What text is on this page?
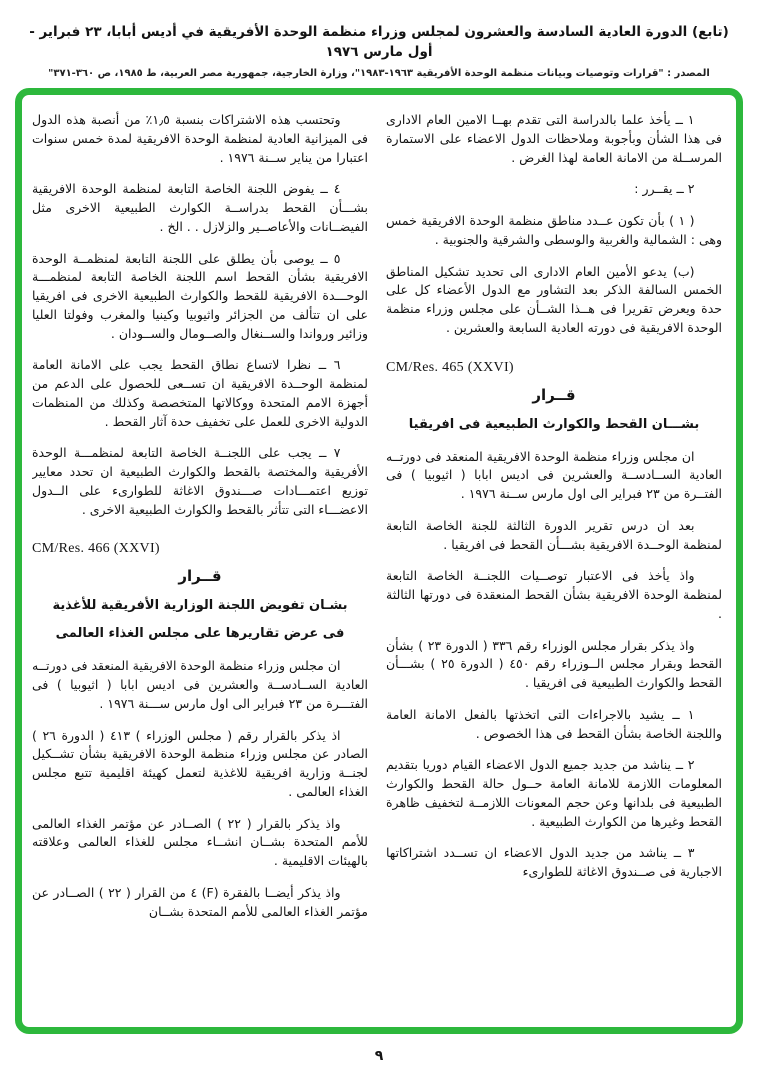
(تابع) الدورة العادية السادسة والعشرون لمجلس وزراء منظمة الوحدة الأفريقية في أديس أبابا، ٢٣ فبراير - أول مارس ١٩٧٦
المصدر : "قرارات وتوصيات وبيانات منظمة الوحدة الأفريقية ١٩٦٣-١٩٨٣"، وزارة الخارجية، جمهورية مصر العربية، ط ١٩٨٥، ص ٣٦٠-٣٧١"

١ ــ يأخذ علما بالدراسة التى تقدم بهــا الامين العام الادارى فى هذا الشأن وبأجوبة وملاحظات الدول الاعضاء على الاستمارة المرســلة من الامانة العامة لهذا الغرض .

٢ ــ يقــرر :

( ١ ) بأن تكون عــدد مناطق منظمة الوحدة الافريقية خمس وهى : الشمالية والغربية والوسطى والشرقية والجنوبية .

(ب) يدعو الأمين العام الادارى الى تحديد تشكيل المناطق الخمس السالفة الذكر بعد التشاور مع الدول الأعضاء كل على حدة ويعرض تقريرا فى هــذا الشــأن على مجلس وزراء منظمة الوحدة الافريقية فى دورته العادية السابعة والعشرين .

CM/Res. 465 (XXVI)
قــرار
بشـــان القحط والكوارث الطبيعية فى افريقيا

ان مجلس وزراء منظمة الوحدة الافريقية المنعقد فى دورتــه العادية الســادســة والعشرين فى اديس ابابا ( اثيوبيا ) فى الفتــرة من ٢٣ فبراير الى اول مارس ســنة ١٩٧٦ .

بعد ان درس تقرير الدورة الثالثة للجنة الخاصة التابعة لمنظمة الوحــدة الافريقية بشـــأن القحط فى افريقيا .

واذ يأخذ فى الاعتبار توصــيات اللجنــة الخاصة التابعة لمنظمة الوحدة الافريقية بشأن القحط المنعقدة فى دورتها الثالثة .

واذ يذكر بقرار مجلس الوزراء رقم ٣٣٦ ( الدورة ٢٣ ) بشأن القحط وبقرار مجلس الــوزراء رقم ٤٥٠ ( الدورة ٢٥ ) بشـــأن القحط والكوارث الطبيعية فى افريقيا .

١ ــ يشيد بالاجراءات التى اتخذتها بالفعل الامانة العامة واللجنة الخاصة بشأن القحط فى هذا الخصوص .

٢ ــ يناشد من جديد جميع الدول الاعضاء القيام دوريا بتقديم المعلومات اللازمة للامانة العامة حــول حالة القحط والكوارث الطبيعية فى بلدانها وعن حجم المعونات اللازمــة لتخفيف ظاهرة القحط وغيرها من الكوارث الطبيعية .

٣ ــ يناشد من جديد الدول الاعضاء ان تســدد اشتراكاتها الاجبارية فى صــندوق الاغاثة للطوارىء

وتحتسب هذه الاشتراكات بنسبة ١٫٥٪ من أنصبة هذه الدول فى الميزانية العادية لمنظمة الوحدة الافريقية لمدة خمس سنوات اعتبارا من يناير ســنة ١٩٧٦ .

٤ ــ يفوض اللجنة الخاصة التابعة لمنظمة الوحدة الافريقية بشـــأن القحط بدراســة الكوارث الطبيعية الاخرى مثل الفيضــانات والأعاصــير والزلازل . . الخ .

٥ ــ يوصى بأن يطلق على اللجنة التابعة لمنظمــة الوحدة الافريقية بشأن القحط اسم اللجنة الخاصة التابعة لمنظمـــة الوحـــدة الافريقية للقحط والكوارث الطبيعية الاخرى فى افريقيا على ان تتألف من الجزائر واثيوبيا وكينيا والمغرب وفولتا العليا وزائير ورواندا والســنغال والصــومال والســودان .

٦ ــ نظرا لاتساع نطاق القحط يجب على الامانة العامة لمنظمة الوحــدة الافريقية ان تســعى للحصول على الدعم من أجهزة الامم المتحدة ووكالاتها المتخصصة وكذلك من المنظمات الدولية الاخرى للعمل على تخفيف حدة آثار القحط .

٧ ــ يجب على اللجنــة الخاصة التابعة لمنظمـــة الوحدة الأفريقية والمختصة بالقحط والكوارث الطبيعية ان تحدد معايير توزيع اعتمـــادات صـــندوق الاغاثة للطوارىء على الــدول الاعضـــاء التى تتأثر بالقحط والكوارث الطبيعية الاخرى .

CM/Res. 466 (XXVI)
قــرار
بشـان تفويض اللجنة الوزارية الأفريقية للأغذية
فى عرض تقاريرها على مجلس الغذاء العالمى

ان مجلس وزراء منظمة الوحدة الافريقية المنعقد فى دورتــه العادية الســادســة والعشرين فى اديس ابابا ( اثيوبيا ) فى الفتـــرة من ٢٣ فبراير الى اول مارس ســـنة ١٩٧٦ .

اذ يذكر بالقرار رقم ( مجلس الوزراء ) ٤١٣ ( الدورة ٢٦ ) الصادر عن مجلس وزراء منظمة الوحدة الافريقية بشأن تشــكيل لجنــة وزارية افريقية للاغذية لتعمل كهيئة اقليمية تتبع مجلس الغذاء العالمى .

واذ يذكر بالقرار ( ٢٢ ) الصــادر عن مؤتمر الغذاء العالمى للأمم المتحدة بشــان انشــاء مجلس للغذاء العالمى وعلاقته بالهيئات الاقليمية .

واذ يذكر أيضــا بالفقرة (F) ٤ من القرار ( ٢٢ ) الصــادر عن مؤتمر الغذاء العالمى للأمم المتحدة بشــان

٩
